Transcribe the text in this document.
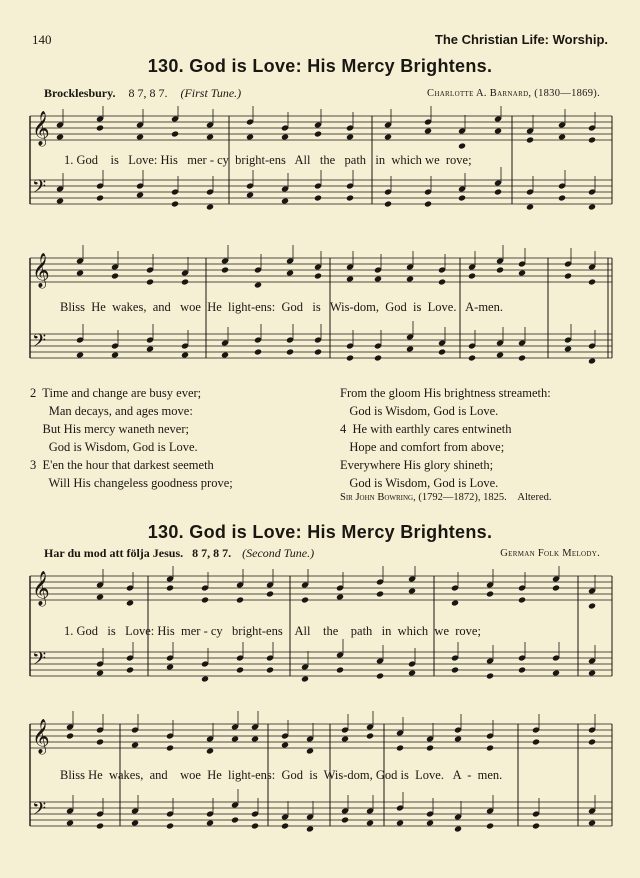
140	The Christian Life: Worship.
130. God is Love: His Mercy Brightens.
Brocklesbury. 8 7, 8 7. (First Tune.)	Charlotte A. Barnard, (1830—1869).
𝄞
𝄢
1. God    is   Love: His   mer - cy  bright-ens   All   the   path   in  which we  rove;
𝄞
𝄢
Bliss  He  wakes,  and   woe  He  light-ens:  God   is   Wis-dom,  God  is  Love.   A-men.
2  Time and change are busy ever;
Man decays, and ages move:
But His mercy waneth never;
God is Wisdom, God is Love.
3  E'en the hour that darkest seemeth
Will His changeless goodness prove;
From the gloom His brightness streameth:
God is Wisdom, God is Love.
4  He with earthly cares entwineth
Hope and comfort from above;
Everywhere His glory shineth;
God is Wisdom, God is Love.
Sir John Bowring, (1792—1872), 1825. Altered.
130. God is Love: His Mercy Brightens.
Har du mod att följa Jesus. 8 7, 8 7. (Second Tune.)	German Folk Melody.
𝄞
𝄢
1. God   is   Love: His  mer - cy   bright-ens    All    the    path   in  which  we  rove;
𝄞
𝄢
Bliss He  wakes,  and    woe  He  light-ens:  God  is  Wis-dom, God is  Love.   A  -  men.
